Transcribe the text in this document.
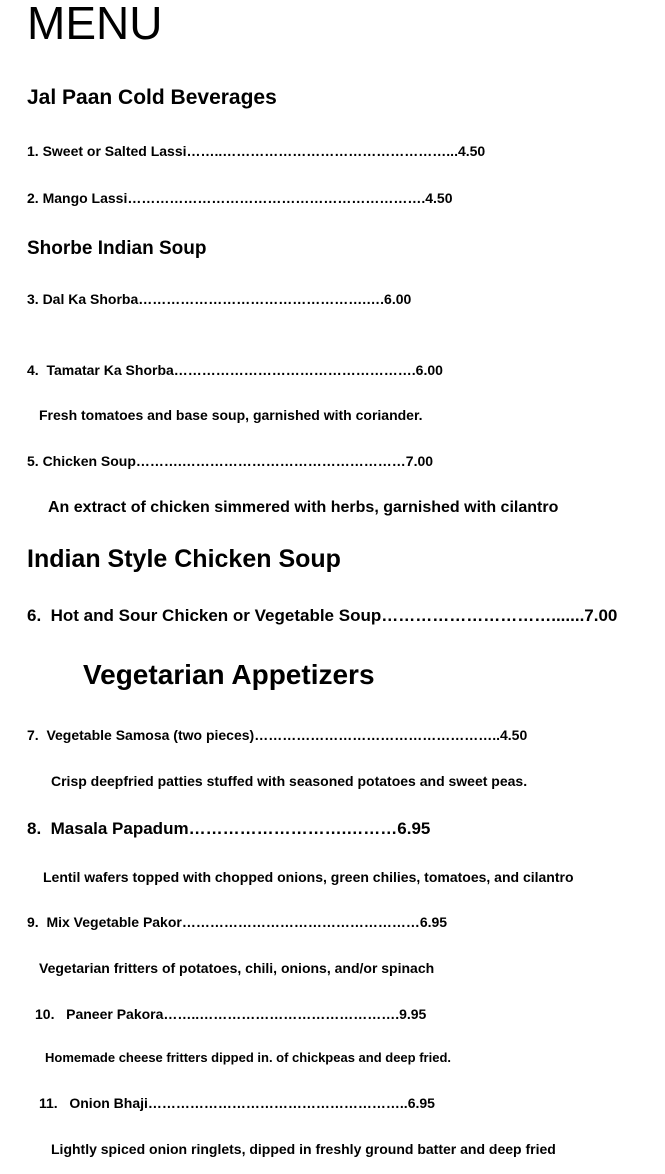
MENU
Jal Paan Cold Beverages

1. Sweet or Salted Lassi……..…………………………………………...4.50

2. Mango Lassi……………………………………………………….4.50

Shorbe Indian Soup

3. Dal Ka Shorba………………………………………….….6.00

4.  Tamatar Ka Shorba…………………………………………….6.00

Fresh tomatoes and base soup, garnished with coriander.

5. Chicken Soup……….…………………………………………7.00

An extract of chicken simmered with herbs, garnished with cilantro

Indian Style Chicken Soup

6.  Hot and Sour Chicken or Vegetable Soup………………………….......7.00

Vegetarian Appetizers

7.  Vegetable Samosa (two pieces)……………………………………………..4.50

Crisp deepfried patties stuffed with seasoned potatoes and sweet peas.

8.  Masala Papadum……………………….………6.95

Lentil wafers topped with chopped onions, green chilies, tomatoes, and cilantro

9.  Mix Vegetable Pakor……………………………………………6.95

Vegetarian fritters of potatoes, chili, onions, and/or spinach

10.   Paneer Pakora……..…………………………………….9.95

Homemade cheese fritters dipped in. of chickpeas and deep fried.

11.   Onion Bhaji………………………………………………..6.95

Lightly spiced onion ringlets, dipped in freshly ground batter and deep fried
